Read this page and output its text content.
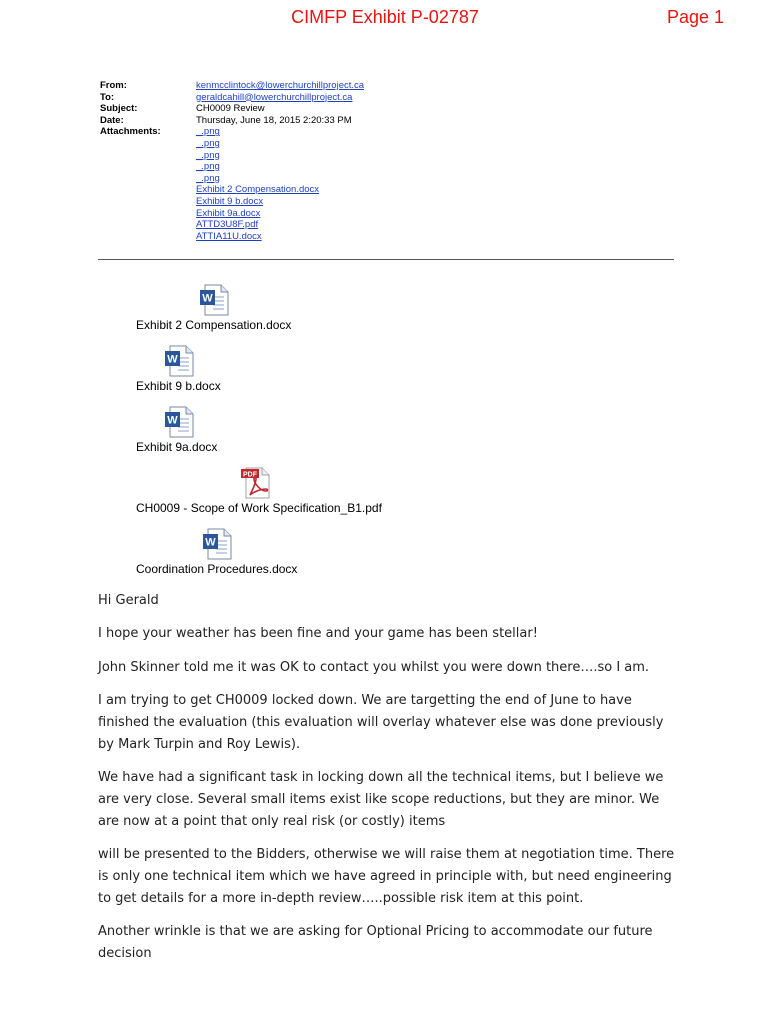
CIMFP Exhibit P-02787	Page 1
From:	kenmcclintock@lowerchurchillproject.ca
To:	geraldcahill@lowerchurchillproject.ca
Subject:	CH0009 Review
Date:	Thursday, June 18, 2015 2:20:33 PM
Attachments:	_.png
_.png
_.png
_.png
_.png
Exhibit 2 Compensation.docx
Exhibit 9 b.docx
Exhibit 9a.docx
ATTD3U8F.pdf
ATTIA11U.docx
W
Exhibit 2 Compensation.docx
W
Exhibit 9 b.docx
W
Exhibit 9a.docx
PDF
CH0009 - Scope of Work Specification_B1.pdf
W
Coordination Procedures.docx
Hi Gerald
I hope your weather has been fine and your game has been stellar!
John Skinner told me it was OK to contact you whilst you were down there….so I am.
I am trying to get CH0009 locked down. We are targetting the end of June to have finished the evaluation (this evaluation will overlay whatever else was done previously by Mark Turpin and Roy Lewis).
We have had a significant task in locking down all the technical items, but I believe we are very close. Several small items exist like scope reductions, but they are minor. We are now at a point that only real risk (or costly) items
will be presented to the Bidders, otherwise we will raise them at negotiation time. There is only one technical item which we have agreed in principle with, but need engineering to get details for a more in-depth review…..possible risk item at this point.
Another wrinkle is that we are asking for Optional Pricing to accommodate our future decision
